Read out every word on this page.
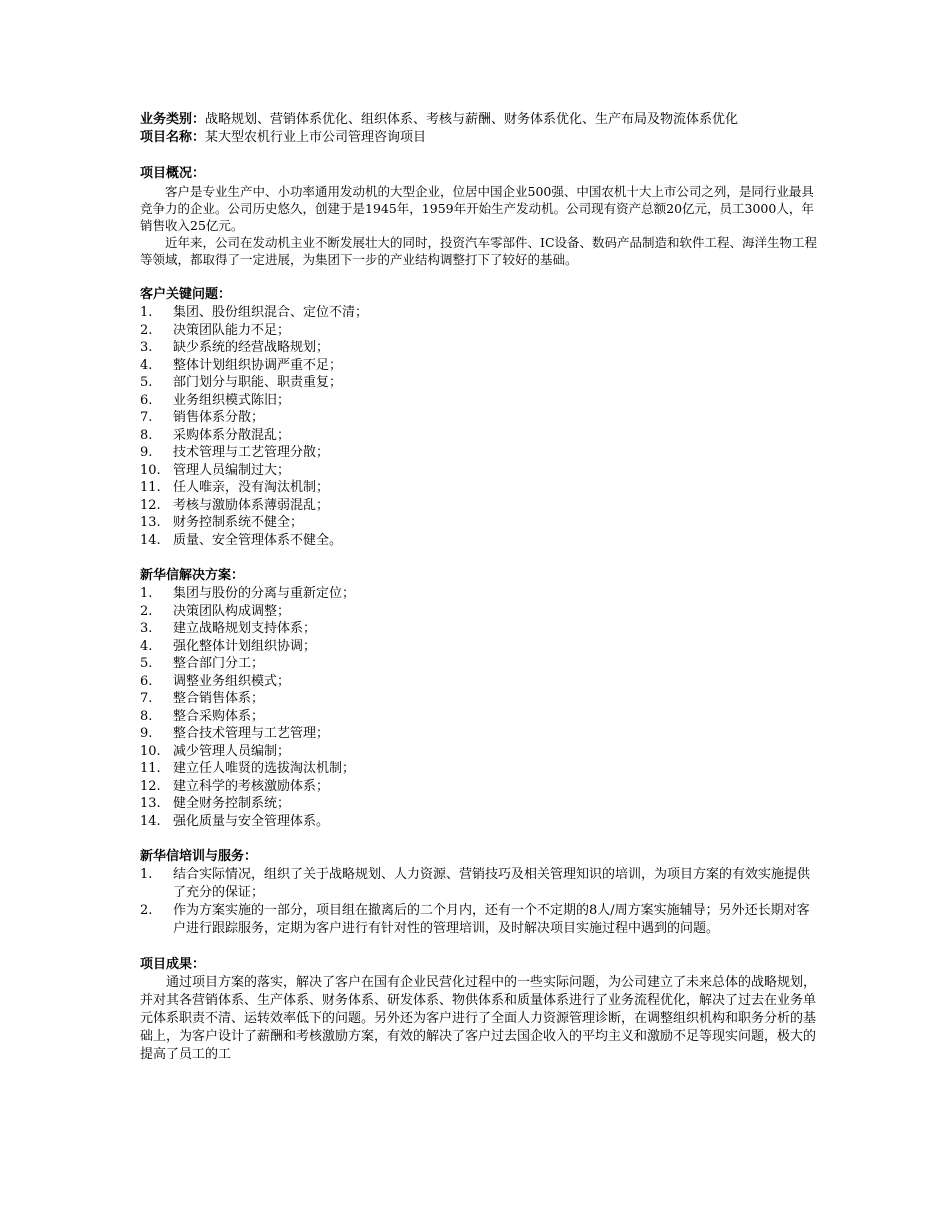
业务类别：战略规划、营销体系优化、组织体系、考核与薪酬、财务体系优化、生产布局及物流体系优化

项目名称：某大型农机行业上市公司管理咨询项目

项目概况：

客户是专业生产中、小功率通用发动机的大型企业，位居中国企业500强、中国农机十大上市公司之列，是同行业最具竞争力的企业。公司历史悠久，创建于是1945年，1959年开始生产发动机。公司现有资产总额20亿元，员工3000人，年销售收入25亿元。

近年来，公司在发动机主业不断发展壮大的同时，投资汽车零部件、IC设备、数码产品制造和软件工程、海洋生物工程等领域，都取得了一定进展，为集团下一步的产业结构调整打下了较好的基础。

客户关键问题：

1.	集团、股份组织混合、定位不清；
2.	决策团队能力不足；
3.	缺少系统的经营战略规划；
4.	整体计划组织协调严重不足；
5.	部门划分与职能、职责重复；
6.	业务组织模式陈旧；
7.	销售体系分散；
8.	采购体系分散混乱；
9.	技术管理与工艺管理分散；
10. 管理人员编制过大；
11. 任人唯亲，没有淘汰机制；
12. 考核与激励体系薄弱混乱；
13. 财务控制系统不健全；
14. 质量、安全管理体系不健全。

新华信解决方案：

1.	集团与股份的分离与重新定位；
2.	决策团队构成调整；
3.	建立战略规划支持体系；
4.	强化整体计划组织协调；
5.	整合部门分工；
6.	调整业务组织模式；
7.	整合销售体系；
8.	整合采购体系；
9.	整合技术管理与工艺管理；
10. 减少管理人员编制；
11. 建立任人唯贤的选拔淘汰机制；
12. 建立科学的考核激励体系；
13. 健全财务控制系统；
14. 强化质量与安全管理体系。

新华信培训与服务：

1.	结合实际情况，组织了关于战略规划、人力资源、营销技巧及相关管理知识的培训，为项目方案的有效实施提供了充分的保证；
2.	作为方案实施的一部分，项目组在撤离后的二个月内，还有一个不定期的8人/周方案实施辅导；另外还长期对客户进行跟踪服务，定期为客户进行有针对性的管理培训，及时解决项目实施过程中遇到的问题。

项目成果：

通过项目方案的落实，解决了客户在国有企业民营化过程中的一些实际问题，为公司建立了未来总体的战略规划，并对其各营销体系、生产体系、财务体系、研发体系、物供体系和质量体系进行了业务流程优化，解决了过去在业务单元体系职责不清、运转效率低下的问题。另外还为客户进行了全面人力资源管理诊断，在调整组织机构和职务分析的基础上，为客户设计了薪酬和考核激励方案，有效的解决了客户过去国企收入的平均主义和激励不足等现实问题，极大的提高了员工的工
